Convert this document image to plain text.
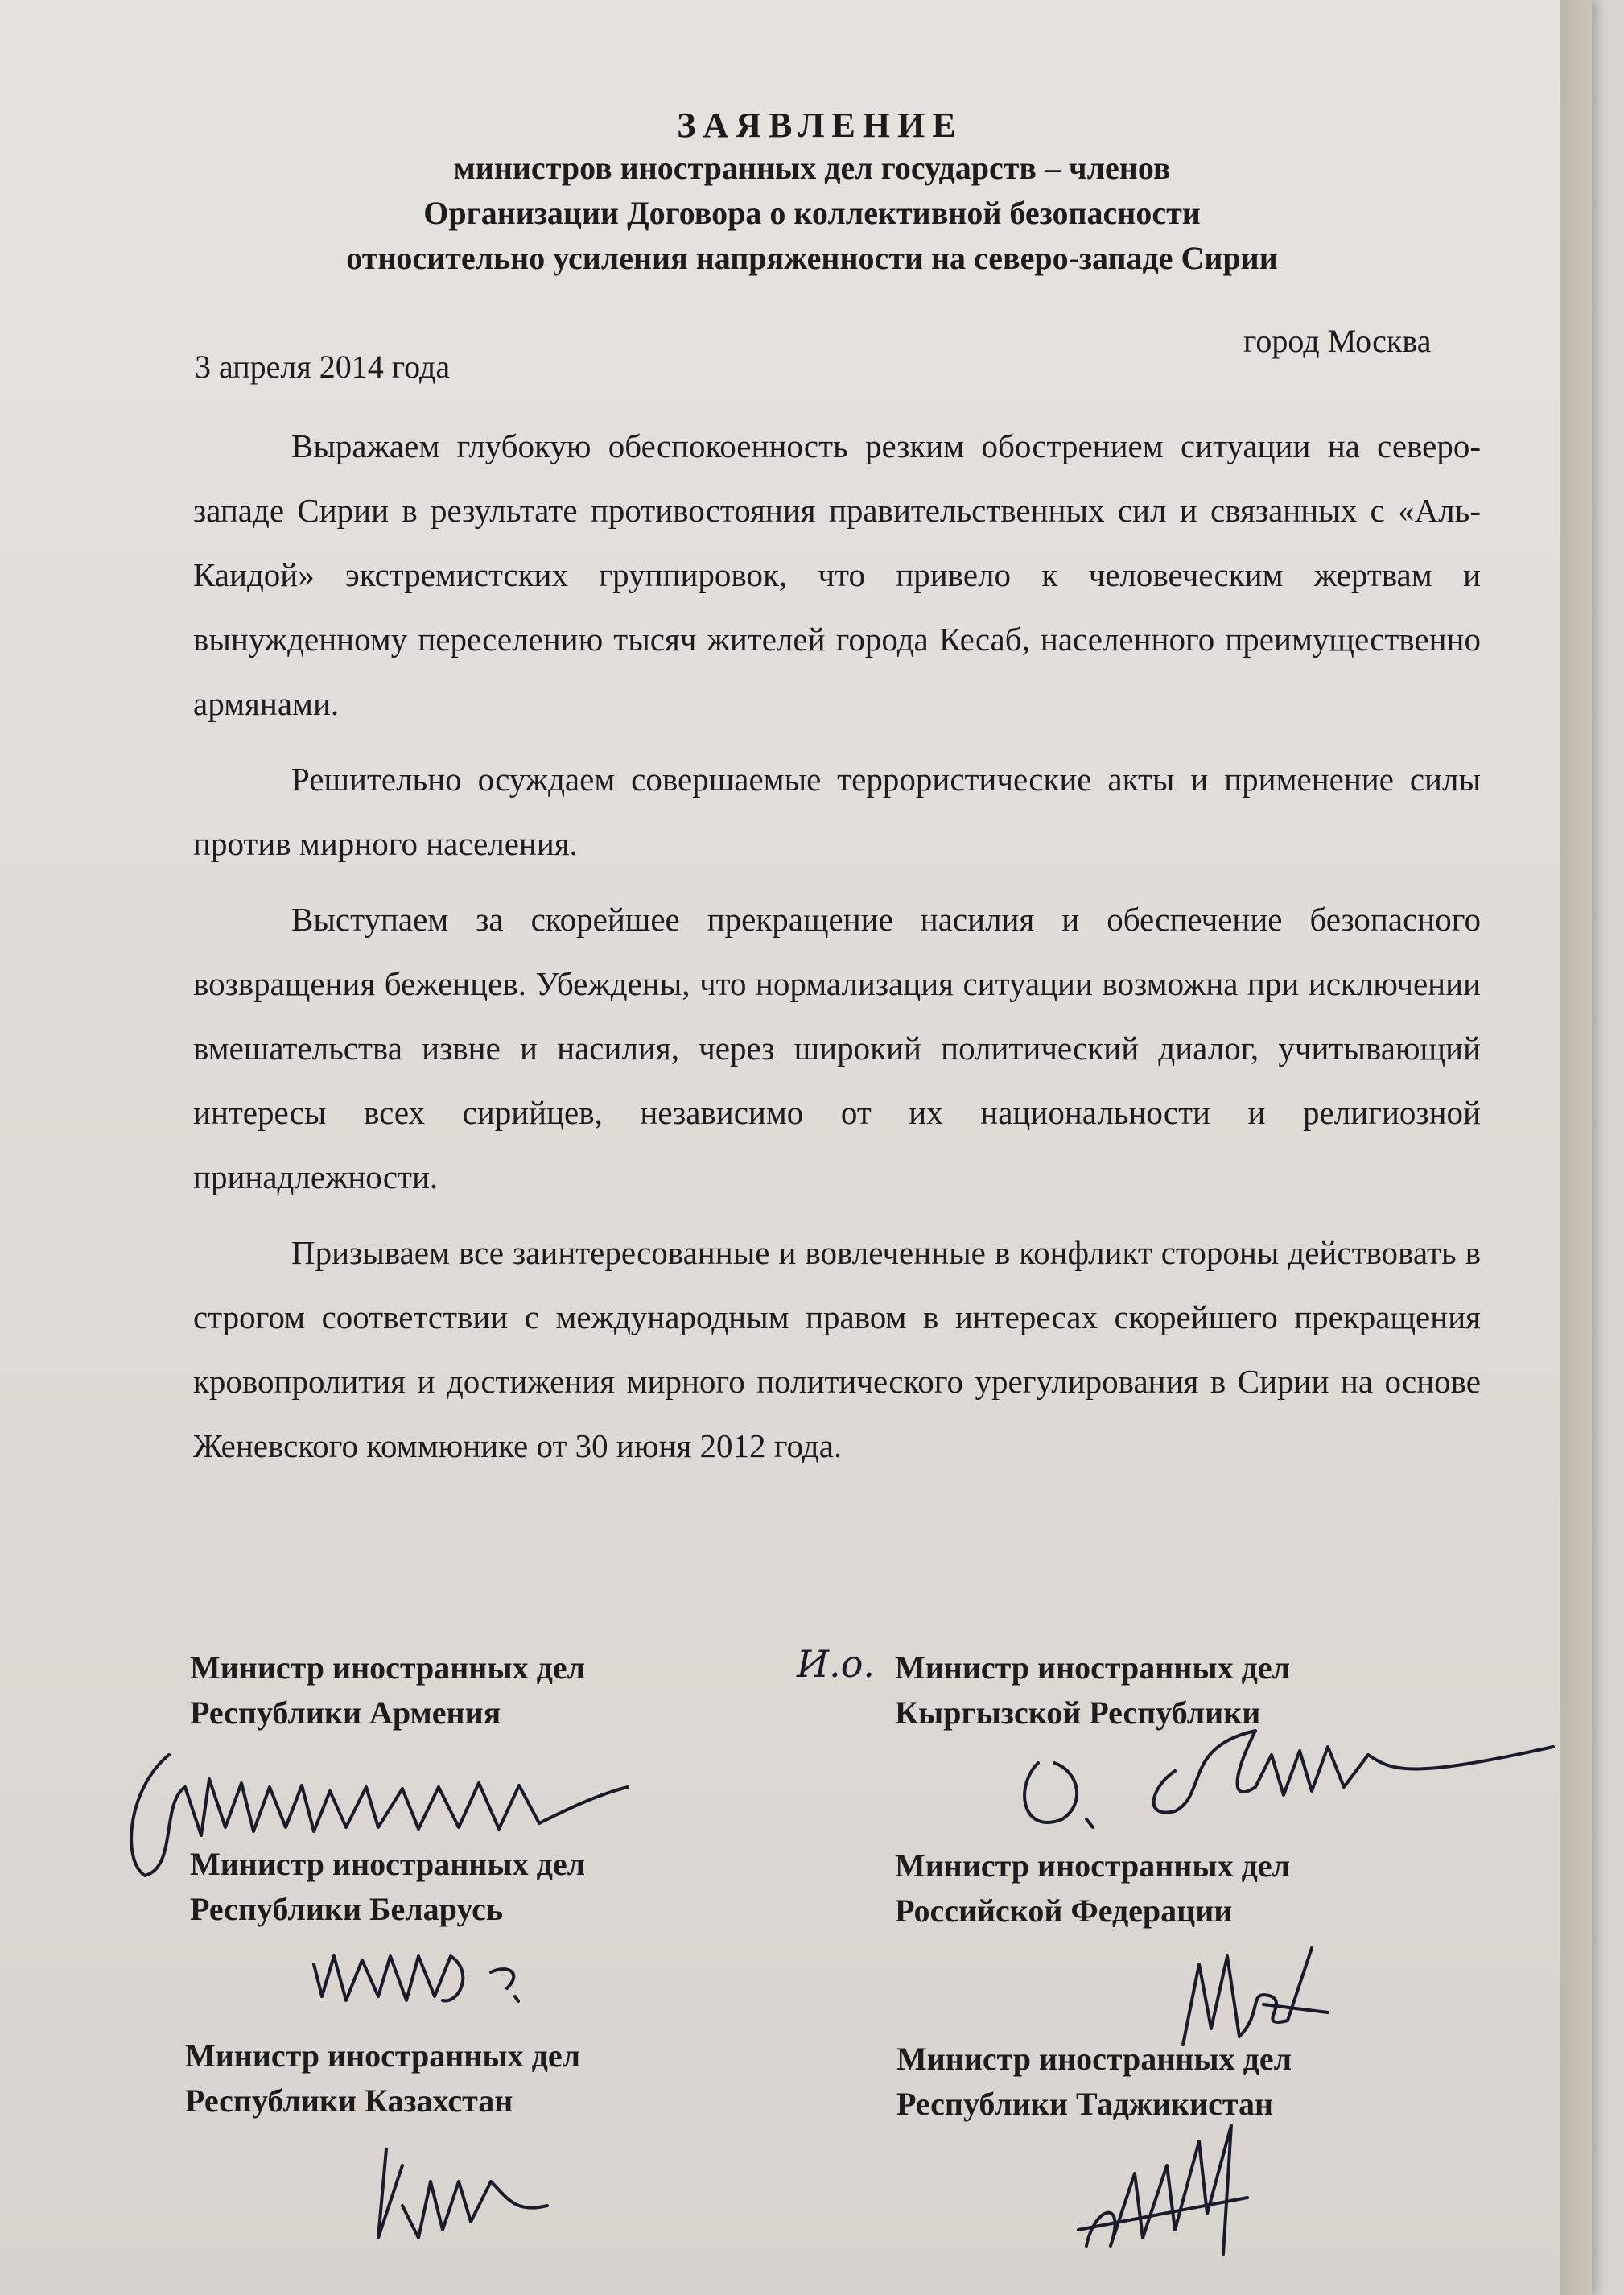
ЗАЯВЛЕНИЕ
министров иностранных дел государств – членов
Организации Договора о коллективной безопасности
относительно усиления напряженности на северо-западе Сирии
3 апреля 2014 года
город Москва

Выражаем глубокую обеспокоенность резким обострением ситуации на северо-западе Сирии в результате противостояния правительственных сил и связанных с «Аль-Каидой» экстремистских группировок, что привело к человеческим жертвам и вынужденному переселению тысяч жителей города Кесаб, населенного преимущественно армянами.

Решительно осуждаем совершаемые террористические акты и применение силы против мирного населения.

Выступаем за скорейшее прекращение насилия и обеспечение безопасного возвращения беженцев. Убеждены, что нормализация ситуации возможна при исключении вмешательства извне и насилия, через широкий политический диалог, учитывающий интересы всех сирийцев, независимо от их национальности и религиозной принадлежности.

Призываем все заинтересованные и вовлеченные в конфликт стороны действовать в строгом соответствии с международным правом в интересах скорейшего прекращения кровопролития и достижения мирного политического урегулирования в Сирии на основе Женевского коммюнике от 30 июня 2012 года.

Министр иностранных дел
Республики Армения
Министр иностранных дел
Кыргызской Республики
Министр иностранных дел
Республики Беларусь
Министр иностранных дел
Российской Федерации
Министр иностранных дел
Республики Казахстан
Министр иностранных дел
Республики Таджикистан
И.о.
